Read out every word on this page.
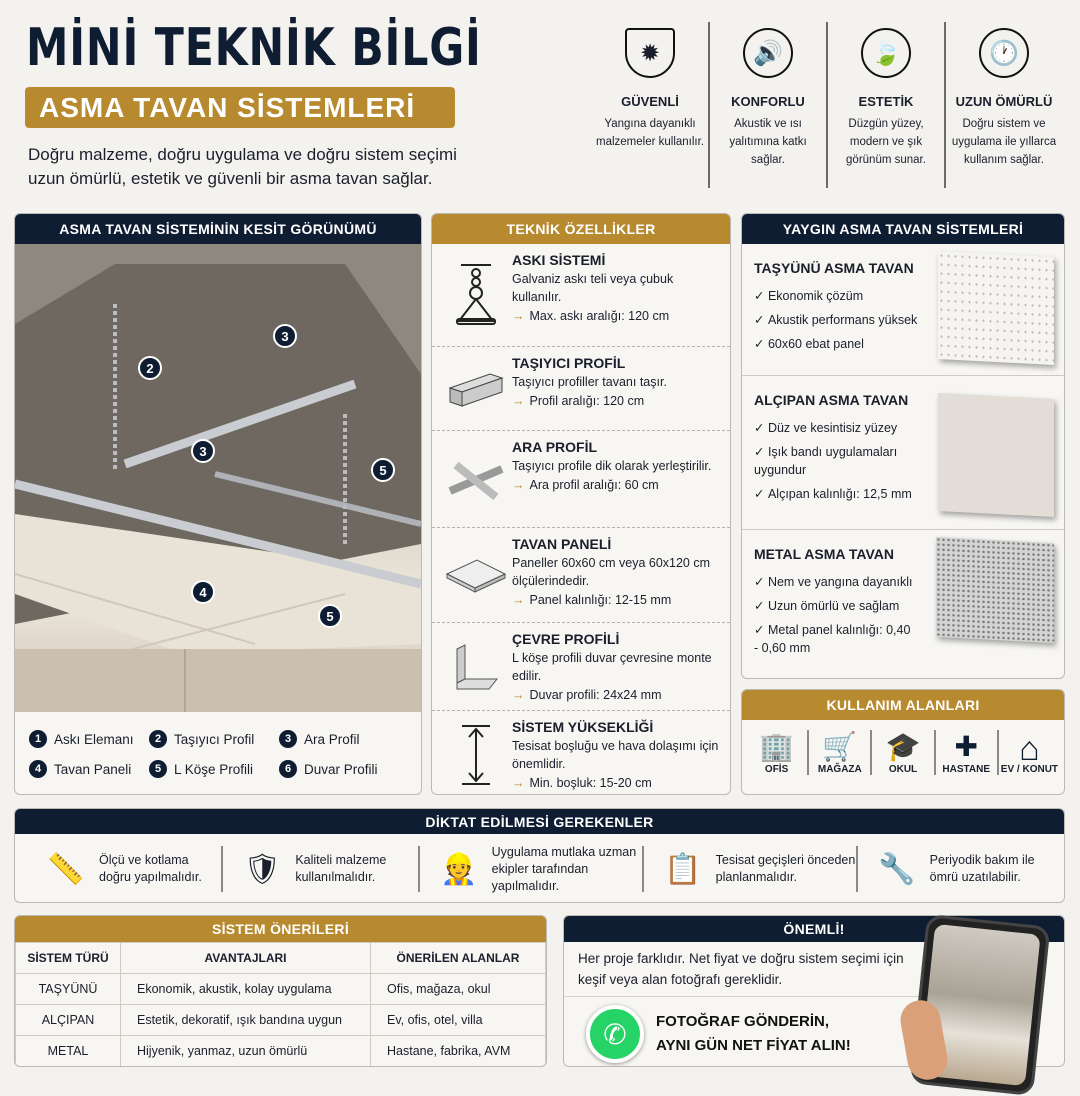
MİNİ TEKNİK BİLGİ
ASMA TAVAN SİSTEMLERİ
Doğru malzeme, doğru uygulama ve doğru sistem seçimi uzun ömürlü, estetik ve güvenli bir asma tavan sağlar.
✹
GÜVENLİ

Yangına dayanıklı malzemeler kullanılır.

🔊
KONFORLU

Akustik ve ısı yalıtımına katkı sağlar.

🍃
ESTETİK

Düzgün yüzey, modern ve şık görünüm sunar.

🕐
UZUN ÖMÜRLÜ

Doğru sistem ve uygulama ile yıllarca kullanım sağlar.

ASMA TAVAN SİSTEMİNİN KESİT GÖRÜNÜMÜ
3
2
3
5
4
5
1 Askı Elemanı	2 Taşıyıcı Profil	3 Ara Profil
4 Tavan Paneli	5 L Köşe Profili	6 Duvar Profili
TEKNİK ÖZELLİKLER
ASKI SİSTEMİ

Galvaniz askı teli veya çubuk kullanılır.

→ Max. askı aralığı: 120 cm
TAŞIYICI PROFİL

Taşıyıcı profiller tavanı taşır.

→ Profil aralığı: 120 cm
ARA PROFİL

Taşıyıcı profile dik olarak yerleştirilir.

→ Ara profil aralığı: 60 cm
TAVAN PANELİ

Paneller 60x60 cm veya 60x120 cm ölçülerindedir.

→ Panel kalınlığı: 12-15 mm
ÇEVRE PROFİLİ

L köşe profili duvar çevresine monte edilir.

→ Duvar profili: 24x24 mm
SİSTEM YÜKSEKLİĞİ

Tesisat boşluğu ve hava dolaşımı için önemlidir.

→ Min. boşluk: 15-20 cm
YAYGIN ASMA TAVAN SİSTEMLERİ
TAŞYÜNÜ ASMA TAVAN
✓ Ekonomik çözüm
✓ Akustik performans yüksek
✓ 60x60 ebat panel
ALÇIPAN ASMA TAVAN
✓ Düz ve kesintisiz yüzey
✓ Işık bandı uygulamaları uygundur
✓ Alçıpan kalınlığı: 12,5 mm
METAL ASMA TAVAN
✓ Nem ve yangına dayanıklı
✓ Uzun ömürlü ve sağlam
✓ Metal panel kalınlığı: 0,40 - 0,60 mm
KULLANIM ALANLARI
🏢
OFİS
🛒
MAĞAZA
🎓
OKUL
✚
HASTANE
⌂
EV / KONUT
DİKTAT EDİLMESİ GEREKENLER
📏	Ölçü ve kotlama doğru yapılmalıdır. 🛡	Kaliteli malzeme kullanılmalıdır.	👷

Uygulama mutlaka uzman ekipler tarafından yapılmalıdır.	📋	Tesisat geçişleri önceden planlanmalıdır.	🔧	Periyodik bakım ile ömrü uzatılabilir.

SİSTEM ÖNERİLERİ
SİSTEM TÜRÜ	AVANTAJLARI	ÖNERİLEN ALANLAR
TAŞYÜNÜ	Ekonomik, akustik, kolay uygulama	Ofis, mağaza, okul
ALÇIPAN	Estetik, dekoratif, ışık bandına uygun	Ev, ofis, otel, villa
METAL	Hijyenik, yanmaz, uzun ömürlü	Hastane, fabrika, AVM
ÖNEMLİ!

Her proje farklıdır. Net fiyat ve doğru sistem seçimi için keşif veya alan fotoğrafı gereklidir.

✆	FOTOĞRAF GÖNDERİN,
AYNI GÜN NET FİYAT ALIN!
